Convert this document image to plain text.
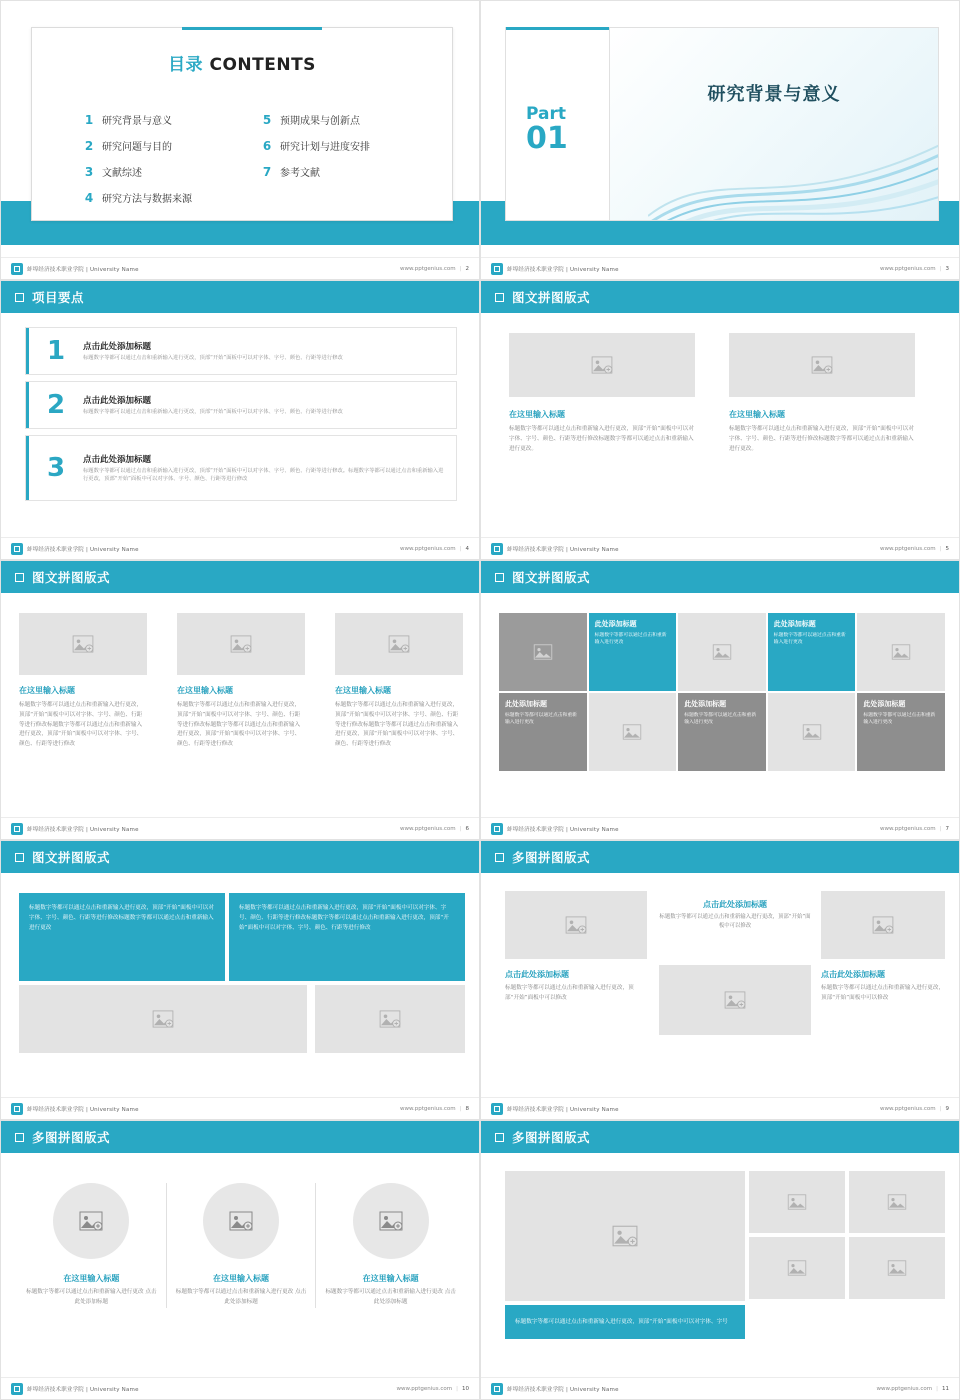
目录 CONTENTS
1 研究背景与意义	5 预期成果与创新点
2 研究问题与目的	6 研究计划与进度安排
3 文献综述	7 参考文献
4 研究方法与数据来源
蚌埠经济技术职业学院 | University Name	www.pptgenius.com | 2
Part
01
研究背景与意义
蚌埠经济技术职业学院 | University Name	www.pptgenius.com | 3
项目要点
1	点击此处添加标题

标题数字等都可以通过点击和重新输入进行更改，顶部“开始”面板中可以对字体、字号、颜色、行距等进行修改

2	点击此处添加标题

标题数字等都可以通过点击和重新输入进行更改，顶部“开始”面板中可以对字体、字号、颜色、行距等进行修改

3	点击此处添加标题

标题数字等都可以通过点击和重新输入进行更改，顶部“开始”面板中可以对字体、字号、颜色、行距等进行修改。标题数字等都可以通过点击和重新输入进行更改，顶部“开始”面板中可以对字体、字号、颜色、行距等进行修改

蚌埠经济技术职业学院 | University Name	www.pptgenius.com | 4
图文拼图版式
在这里输入标题
标题数字等都可以通过点击和重新输入进行更改，顶部“开始”面板中可以对字体、字号、颜色、行距等进行修改标题数字等都可以通过点击和重新输入进行更改。
在这里输入标题
标题数字等都可以通过点击和重新输入进行更改，顶部“开始”面板中可以对字体、字号、颜色、行距等进行修改标题数字等都可以通过点击和重新输入进行更改。
蚌埠经济技术职业学院 | University Name	www.pptgenius.com | 5
图文拼图版式
在这里输入标题
标题数字等都可以通过点击和重新输入进行更改，顶部“开始”面板中可以对字体、字号、颜色、行距等进行修改标题数字等都可以通过点击和重新输入进行更改，顶部“开始”面板中可以对字体、字号、颜色、行距等进行修改
在这里输入标题
标题数字等都可以通过点击和重新输入进行更改，顶部“开始”面板中可以对字体、字号、颜色、行距等进行修改标题数字等都可以通过点击和重新输入进行更改，顶部“开始”面板中可以对字体、字号、颜色、行距等进行修改
在这里输入标题
标题数字等都可以通过点击和重新输入进行更改，顶部“开始”面板中可以对字体、字号、颜色、行距等进行修改标题数字等都可以通过点击和重新输入进行更改，顶部“开始”面板中可以对字体、字号、颜色、行距等进行修改
蚌埠经济技术职业学院 | University Name	www.pptgenius.com | 6
图文拼图版式
此处添加标题

标题数字等都可以通过点击和重新输入进行更改

此处添加标题

标题数字等都可以通过点击和重新输入进行更改

此处添加标题

标题数字等都可以通过点击和重新输入进行更改

此处添加标题

标题数字等都可以通过点击和重新输入进行更改

此处添加标题

标题数字等都可以通过点击和重新输入进行更改

蚌埠经济技术职业学院 | University Name	www.pptgenius.com | 7
图文拼图版式
标题数字等都可以通过点击和重新输入进行更改，顶部“开始”面板中可以对字体、字号、颜色、行距等进行修改标题数字等都可以通过点击和重新输入进行更改
标题数字等都可以通过点击和重新输入进行更改，顶部“开始”面板中可以对字体、字号、颜色、行距等进行修改标题数字等都可以通过点击和重新输入进行更改，顶部“开始”面板中可以对字体、字号、颜色、行距等进行修改
蚌埠经济技术职业学院 | University Name	www.pptgenius.com | 8
多图拼图版式
点击此处添加标题

标题数字等都可以通过点击和重新输入进行更改，顶部“开始”面板中可以修改

点击此处添加标题
标题数字等都可以通过点击和重新输入进行更改，顶部“开始”面板中可以修改
点击此处添加标题
标题数字等都可以通过点击和重新输入进行更改，顶部“开始”面板中可以修改
蚌埠经济技术职业学院 | University Name	www.pptgenius.com | 9
多图拼图版式
在这里输入标题
标题数字等都可以通过点击和重新输入进行更改 点击此处添加标题
在这里输入标题
标题数字等都可以通过点击和重新输入进行更改 点击此处添加标题
在这里输入标题
标题数字等都可以通过点击和重新输入进行更改 点击此处添加标题
蚌埠经济技术职业学院 | University Name	www.pptgenius.com | 10
多图拼图版式
标题数字等都可以通过点击和重新输入进行更改，顶部“开始”面板中可以对字体、字号
蚌埠经济技术职业学院 | University Name	www.pptgenius.com | 11
